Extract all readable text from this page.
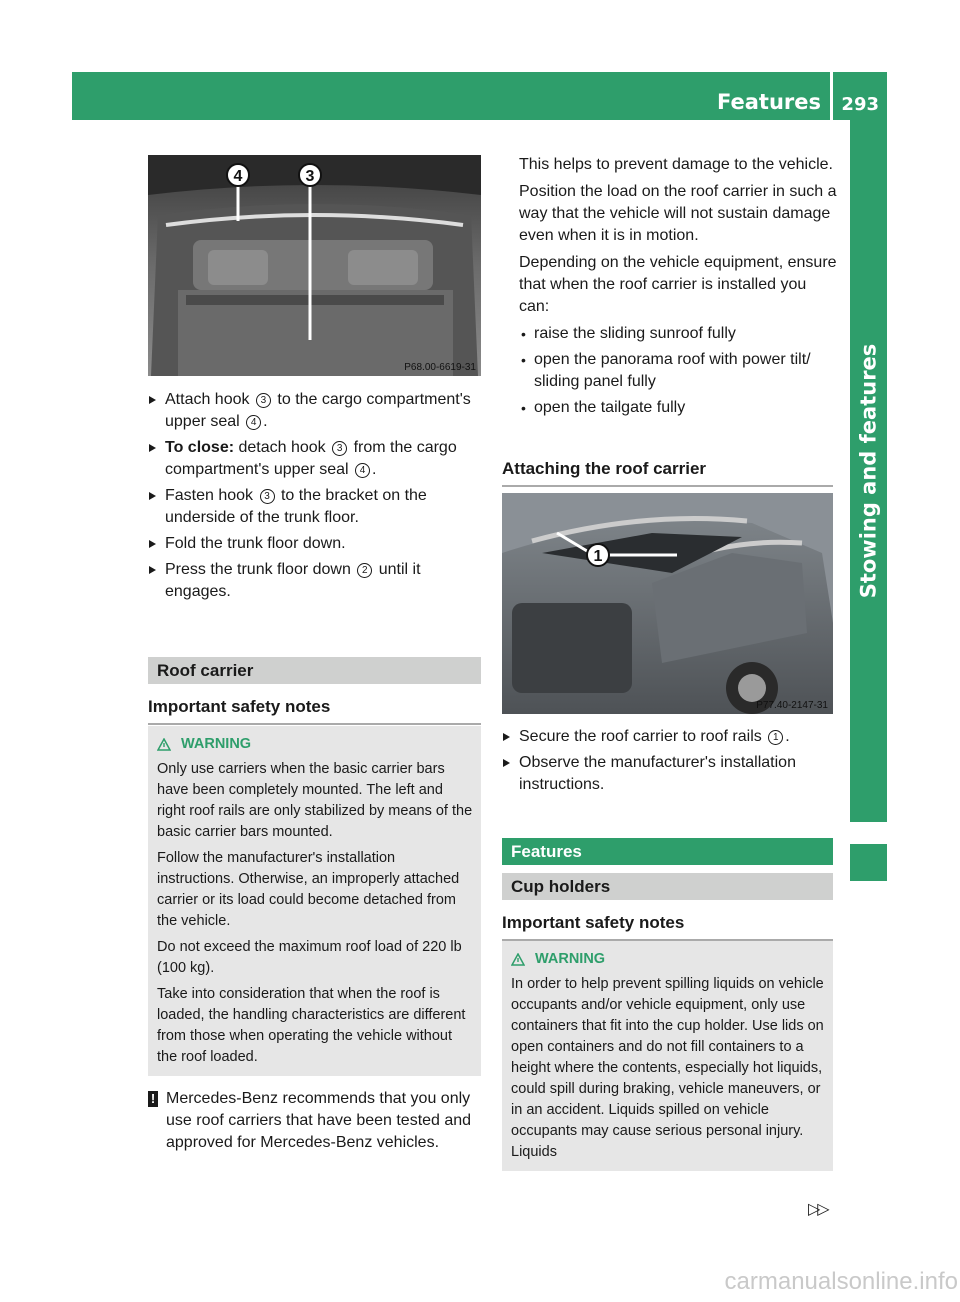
Features 293
Stowing and features
4	3
P68.00-6619-31
Attach hook 3 to the cargo compartment's upper seal 4 .
To close: detach hook 3 from the cargo compartment's upper seal 4 .
Fasten hook 3 to the bracket on the underside of the trunk floor.
Fold the trunk floor down.
Press the trunk floor down 2 until it engages.
Roof carrier
Important safety notes
WARNING

Only use carriers when the basic carrier bars have been completely mounted. The left and right roof rails are only stabilized by means of the basic carrier bars mounted.

Follow the manufacturer's installation instructions. Otherwise, an improperly attached carrier or its load could become detached from the vehicle.

Do not exceed the maximum roof load of 220 lb (100 kg).

Take into consideration that when the roof is loaded, the handling characteristics are different from those when operating the vehicle without the roof loaded.

! Mercedes-Benz recommends that you only use roof carriers that have been tested and approved for Mercedes-Benz vehicles.

This helps to prevent damage to the vehicle.

Position the load on the roof carrier in such a way that the vehicle will not sustain damage even when it is in motion.

Depending on the vehicle equipment, ensure that when the roof carrier is installed you can:

• raise the sliding sunroof fully
• open the panorama roof with power tilt/ sliding panel fully
• open the tailgate fully
Attaching the roof carrier
1
P77.40-2147-31
Secure the roof carrier to roof rails 1 .
Observe the manufacturer's installation instructions.
Features
Cup holders
Important safety notes
WARNING

In order to help prevent spilling liquids on vehicle occupants and/or vehicle equipment, only use containers that fit into the cup holder. Use lids on open containers and do not fill containers to a height where the contents, especially hot liquids, could spill during braking, vehicle maneuvers, or in an accident. Liquids spilled on vehicle occupants may cause serious personal injury. Liquids

▷▷
carmanualsonline.info
